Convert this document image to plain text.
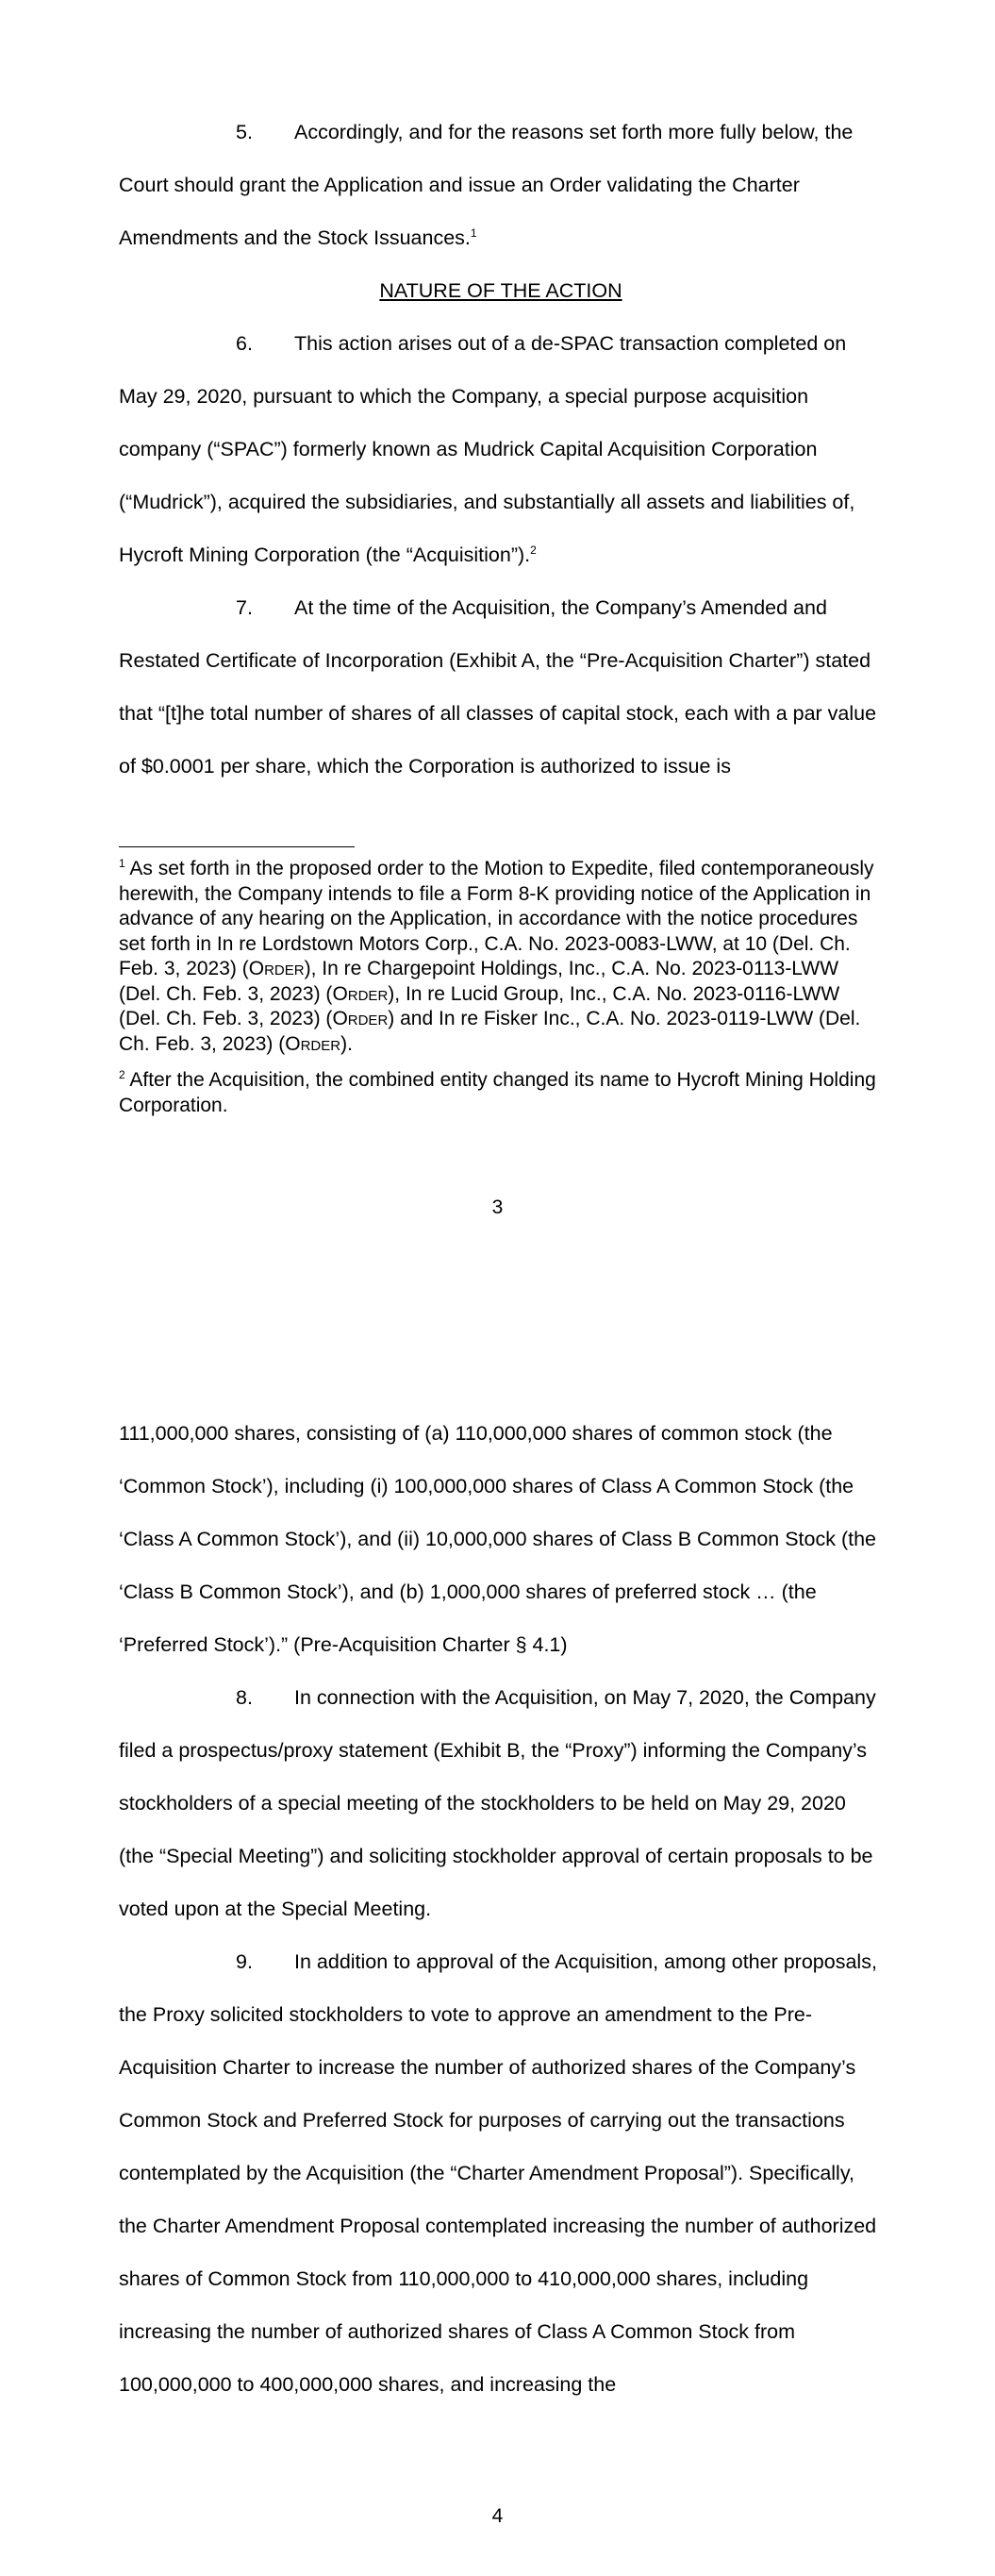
5. Accordingly, and for the reasons set forth more fully below, the Court should grant the Application and issue an Order validating the Charter Amendments and the Stock Issuances.$^1$

NATURE OF THE ACTION

6. This action arises out of a de-SPAC transaction completed on May 29, 2020, pursuant to which the Company, a special purpose acquisition company (“SPAC”) formerly known as Mudrick Capital Acquisition Corporation (“Mudrick”), acquired the subsidiaries, and substantially all assets and liabilities of, Hycroft Mining Corporation (the “Acquisition”).$^2$

7. At the time of the Acquisition, the Company’s Amended and Restated Certificate of Incorporation (Exhibit A, the “Pre-Acquisition Charter”) stated that “[t]he total number of shares of all classes of capital stock, each with a par value of $0.0001 per share, which the Corporation is authorized to issue is

$^1$ As set forth in the proposed order to the Motion to Expedite, filed contemporaneously herewith, the Company intends to file a Form 8-K providing notice of the Application in advance of any hearing on the Application, in accordance with the notice procedures set forth in In re Lordstown Motors Corp., C.A. No. 2023-0083-LWW, at 10 (Del. Ch. Feb. 3, 2023) (Order), In re Chargepoint Holdings, Inc., C.A. No. 2023-0113-LWW (Del. Ch. Feb. 3, 2023) (Order), In re Lucid Group, Inc., C.A. No. 2023-0116-LWW (Del. Ch. Feb. 3, 2023) (Order) and In re Fisker Inc., C.A. No. 2023-0119-LWW (Del. Ch. Feb. 3, 2023) (Order).

$^2$ After the Acquisition, the combined entity changed its name to Hycroft Mining Holding Corporation.

3

111,000,000 shares, consisting of (a) 110,000,000 shares of common stock (the ‘Common Stock’), including (i) 100,000,000 shares of Class A Common Stock (the ‘Class A Common Stock’), and (ii) 10,000,000 shares of Class B Common Stock (the ‘Class B Common Stock’), and (b) 1,000,000 shares of preferred stock … (the ‘Preferred Stock’).” (Pre-Acquisition Charter § 4.1)

8. In connection with the Acquisition, on May 7, 2020, the Company filed a prospectus/proxy statement (Exhibit B, the “Proxy”) informing the Company’s stockholders of a special meeting of the stockholders to be held on May 29, 2020 (the “Special Meeting”) and soliciting stockholder approval of certain proposals to be voted upon at the Special Meeting.

9. In addition to approval of the Acquisition, among other proposals, the Proxy solicited stockholders to vote to approve an amendment to the Pre-Acquisition Charter to increase the number of authorized shares of the Company’s Common Stock and Preferred Stock for purposes of carrying out the transactions contemplated by the Acquisition (the “Charter Amendment Proposal”). Specifically, the Charter Amendment Proposal contemplated increasing the number of authorized shares of Common Stock from 110,000,000 to 410,000,000 shares, including increasing the number of authorized shares of Class A Common Stock from 100,000,000 to 400,000,000 shares, and increasing the

4
